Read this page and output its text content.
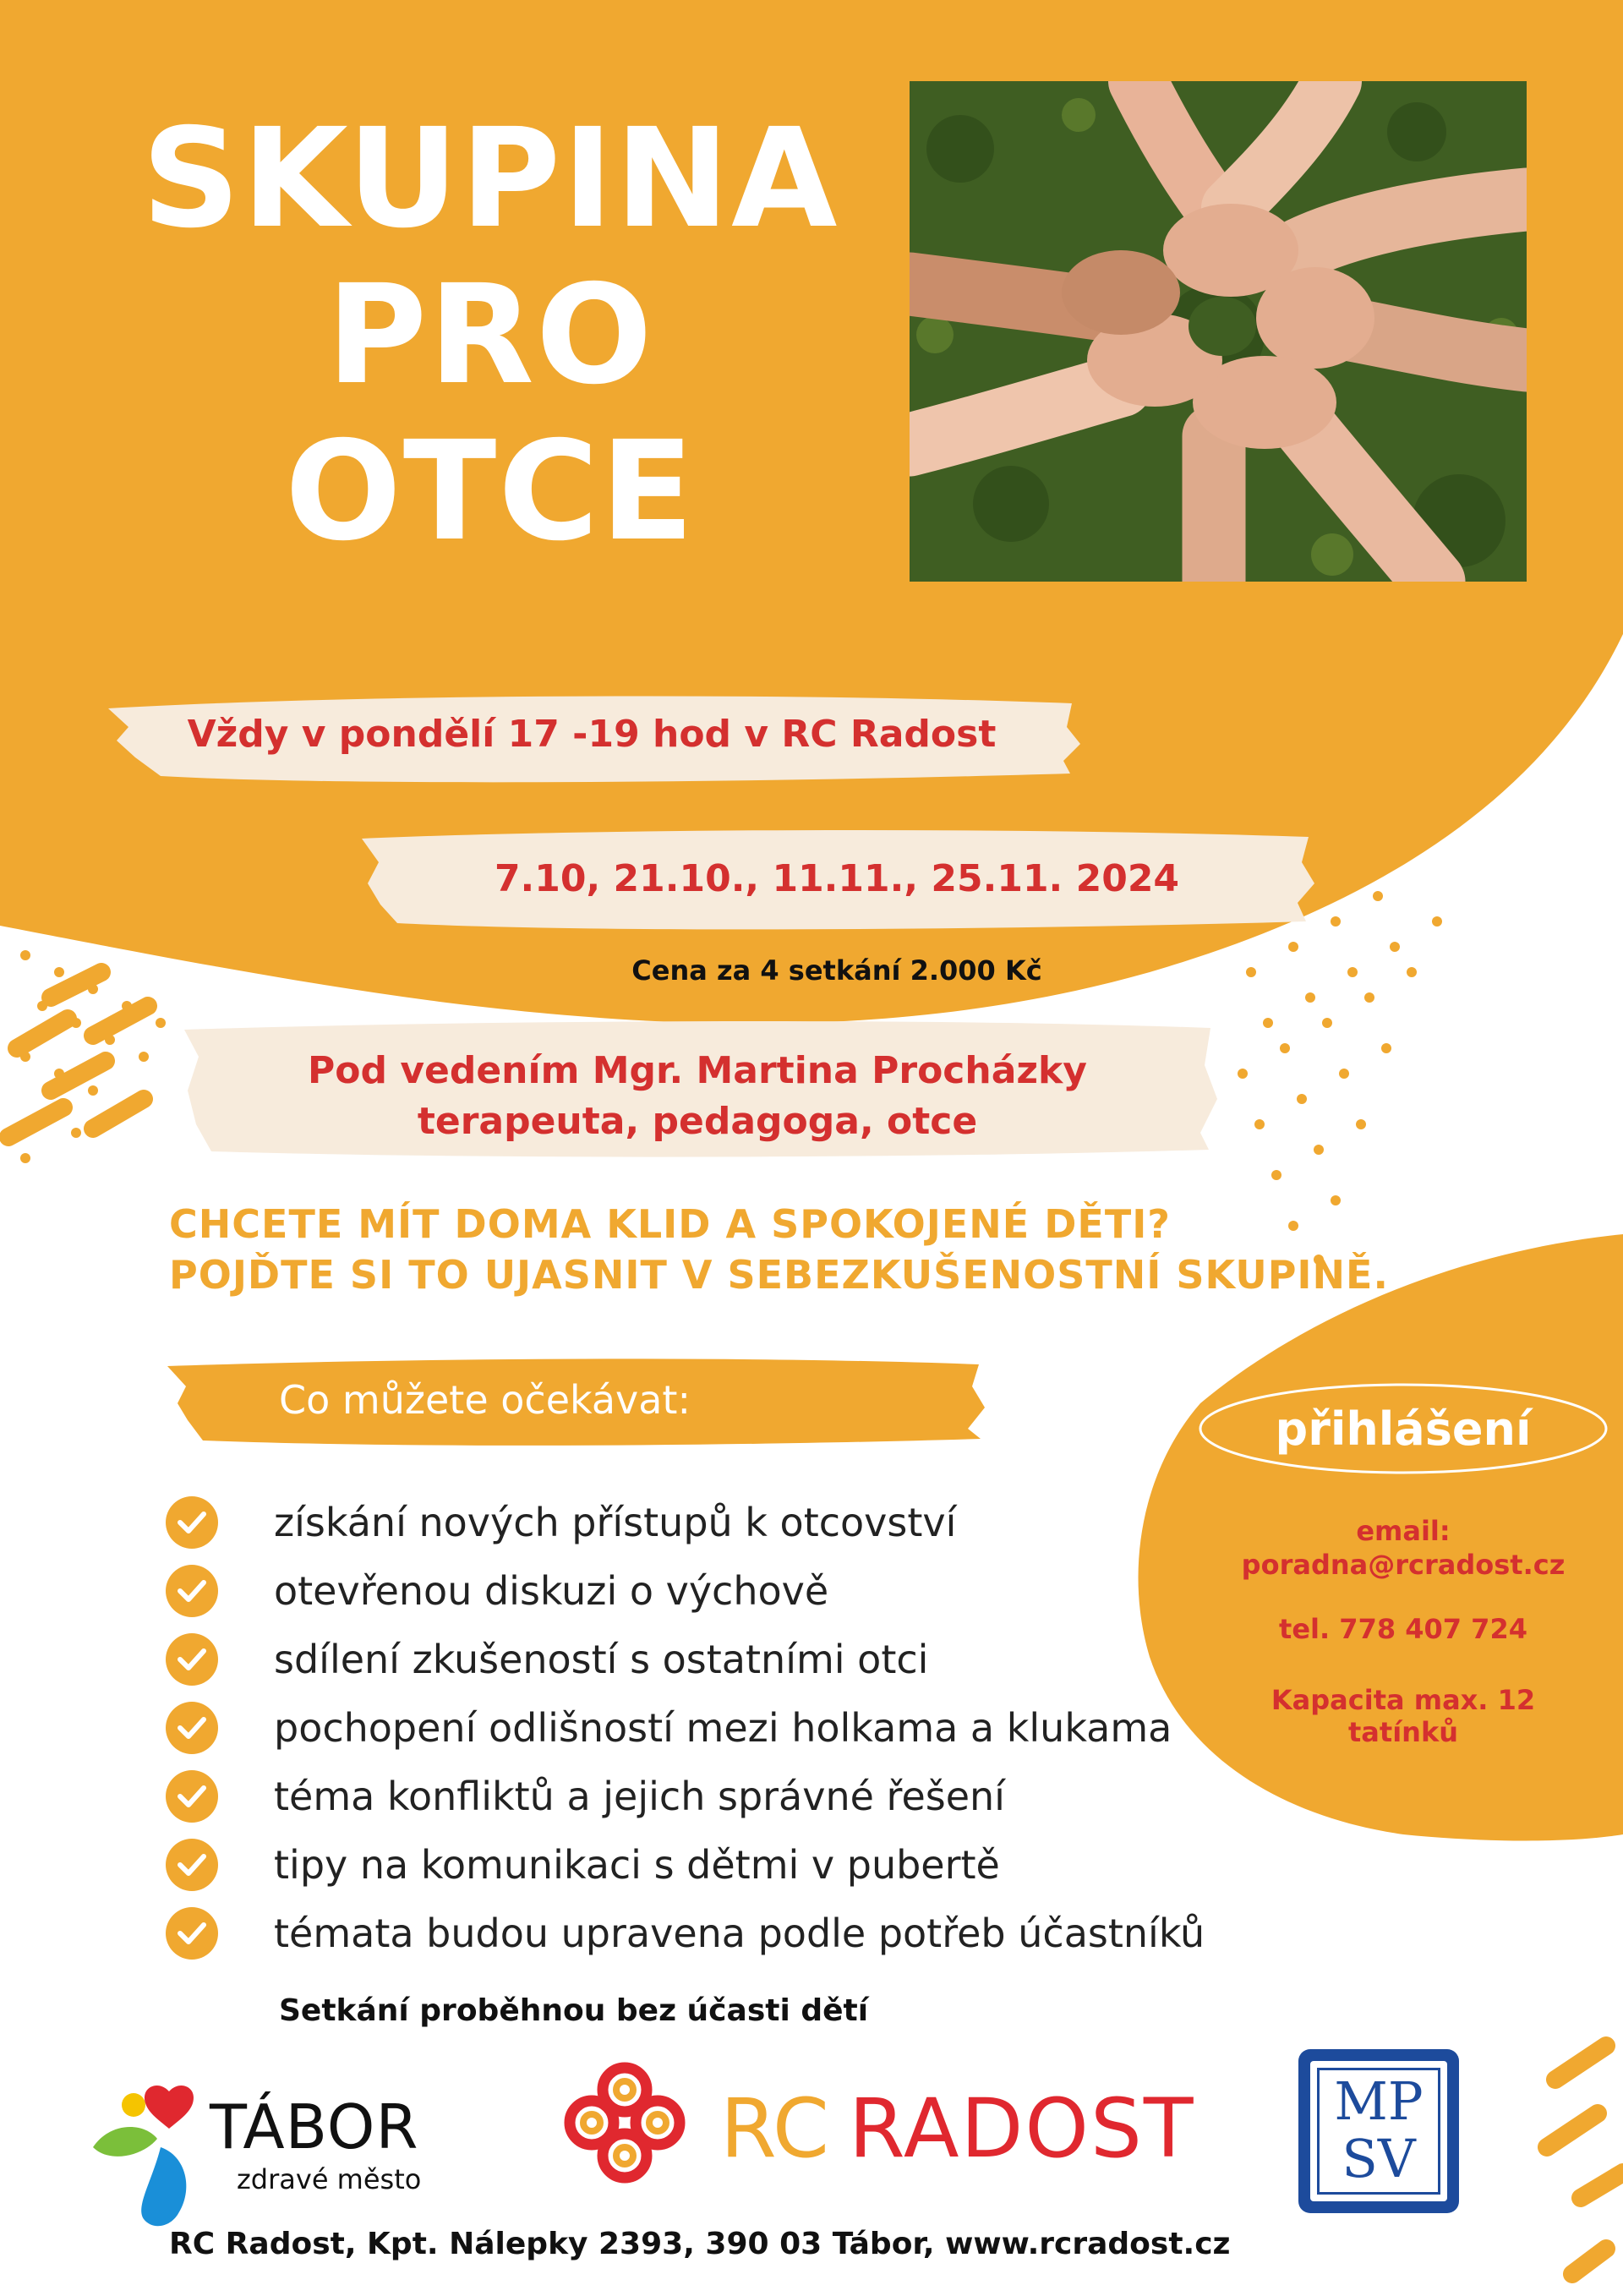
SKUPINA
PRO
OTCE
Vždy v pondělí 17 -19 hod v RC Radost
7.10, 21.10., 11.11., 25.11. 2024
Cena za 4 setkání 2.000 Kč
Pod vedením Mgr. Martina Procházky
terapeuta, pedagoga, otce
CHCETE MÍT DOMA KLID A SPOKOJENÉ DĚTI?
POJĎTE SI TO UJASNIT V SEBEZKUŠENOSTNÍ SKUPINĚ.
Co můžete očekávat:
získání nových přístupů k otcovství
otevřenou diskuzi o výchově
sdílení zkušeností s ostatními otci
pochopení odlišností mezi holkama a klukama
téma konfliktů a jejich správné řešení
tipy na komunikaci s dětmi v pubertě
témata budou upravena podle potřeb účastníků
Setkání proběhnou bez účasti dětí
přihlášení
email:
poradna@rcradost.cz
tel. 778 407 724
Kapacita max. 12
tatínků
TÁBOR
zdravé město
RC RADOST	MP
SV
RC Radost, Kpt. Nálepky 2393, 390 03 Tábor, www.rcradost.cz
